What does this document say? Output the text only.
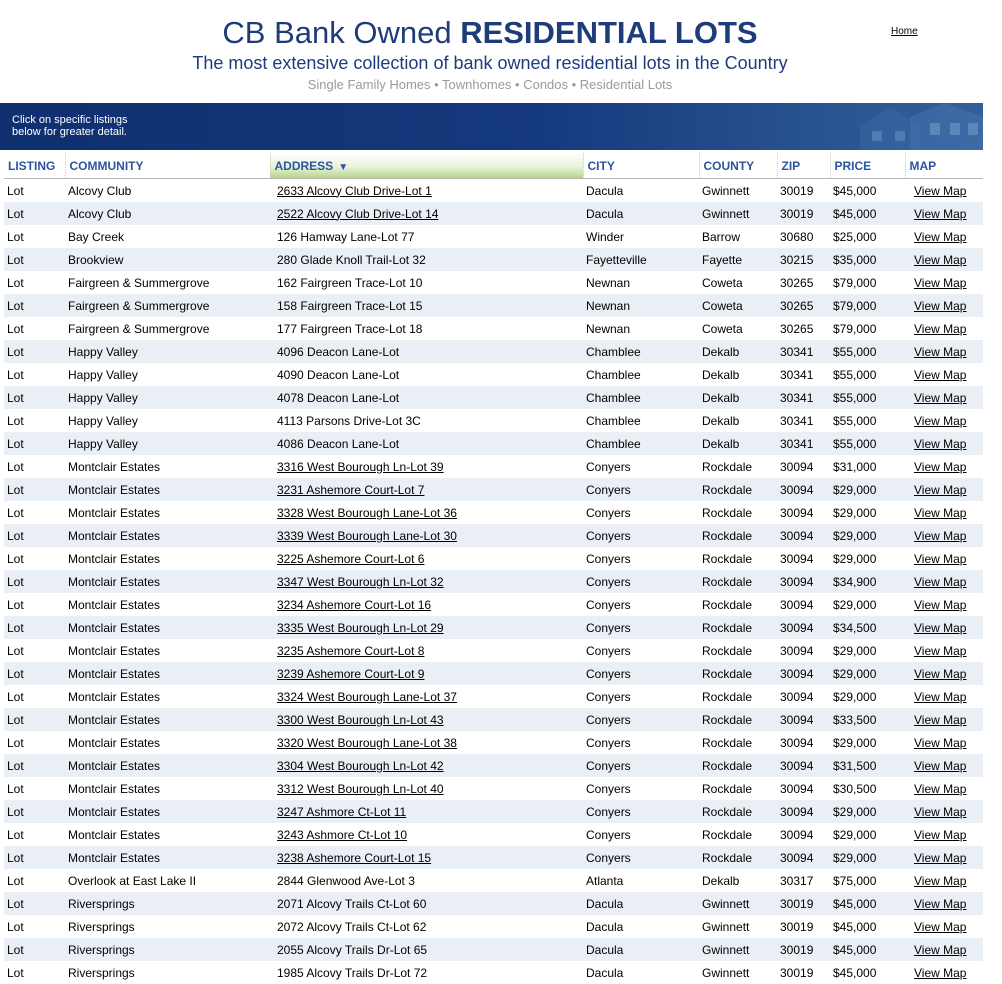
CB Bank Owned RESIDENTIAL LOTS
The most extensive collection of bank owned residential lots in the Country
Single Family Homes • Townhomes • Condos • Residential Lots
Home
Click on specific listings below for greater detail.
LISTING	COMMUNITY	ADDRESS ▼	CITY	COUNTY	ZIP	PRICE	MAP
Lot	Alcovy Club	2633 Alcovy Club Drive-Lot 1	Dacula	Gwinnett	30019	$45,000	View Map
Lot	Alcovy Club	2522 Alcovy Club Drive-Lot 14	Dacula	Gwinnett	30019	$45,000	View Map
Lot	Bay Creek	126 Hamway Lane-Lot 77	Winder	Barrow	30680	$25,000	View Map
Lot	Brookview	280 Glade Knoll Trail-Lot 32	Fayetteville	Fayette	30215	$35,000	View Map
Lot	Fairgreen & Summergrove	162 Fairgreen Trace-Lot 10	Newnan	Coweta	30265	$79,000	View Map
Lot	Fairgreen & Summergrove	158 Fairgreen Trace-Lot 15	Newnan	Coweta	30265	$79,000	View Map
Lot	Fairgreen & Summergrove	177 Fairgreen Trace-Lot 18	Newnan	Coweta	30265	$79,000	View Map
Lot	Happy Valley	4096 Deacon Lane-Lot	Chamblee	Dekalb	30341	$55,000	View Map
Lot	Happy Valley	4090 Deacon Lane-Lot	Chamblee	Dekalb	30341	$55,000	View Map
Lot	Happy Valley	4078 Deacon Lane-Lot	Chamblee	Dekalb	30341	$55,000	View Map
Lot	Happy Valley	4113 Parsons Drive-Lot 3C	Chamblee	Dekalb	30341	$55,000	View Map
Lot	Happy Valley	4086 Deacon Lane-Lot	Chamblee	Dekalb	30341	$55,000	View Map
Lot	Montclair Estates	3316 West Bourough Ln-Lot 39	Conyers	Rockdale	30094	$31,000	View Map
Lot	Montclair Estates	3231 Ashemore Court-Lot 7	Conyers	Rockdale	30094	$29,000	View Map
Lot	Montclair Estates	3328 West Bourough Lane-Lot 36	Conyers	Rockdale	30094	$29,000	View Map
Lot	Montclair Estates	3339 West Bourough Lane-Lot 30	Conyers	Rockdale	30094	$29,000	View Map
Lot	Montclair Estates	3225 Ashemore Court-Lot 6	Conyers	Rockdale	30094	$29,000	View Map
Lot	Montclair Estates	3347 West Bourough Ln-Lot 32	Conyers	Rockdale	30094	$34,900	View Map
Lot	Montclair Estates	3234 Ashemore Court-Lot 16	Conyers	Rockdale	30094	$29,000	View Map
Lot	Montclair Estates	3335 West Bourough Ln-Lot 29	Conyers	Rockdale	30094	$34,500	View Map
Lot	Montclair Estates	3235 Ashemore Court-Lot 8	Conyers	Rockdale	30094	$29,000	View Map
Lot	Montclair Estates	3239 Ashemore Court-Lot 9	Conyers	Rockdale	30094	$29,000	View Map
Lot	Montclair Estates	3324 West Bourough Lane-Lot 37	Conyers	Rockdale	30094	$29,000	View Map
Lot	Montclair Estates	3300 West Bourough Ln-Lot 43	Conyers	Rockdale	30094	$33,500	View Map
Lot	Montclair Estates	3320 West Bourough Lane-Lot 38	Conyers	Rockdale	30094	$29,000	View Map
Lot	Montclair Estates	3304 West Bourough Ln-Lot 42	Conyers	Rockdale	30094	$31,500	View Map
Lot	Montclair Estates	3312 West Bourough Ln-Lot 40	Conyers	Rockdale	30094	$30,500	View Map
Lot	Montclair Estates	3247 Ashmore Ct-Lot 11	Conyers	Rockdale	30094	$29,000	View Map
Lot	Montclair Estates	3243 Ashmore Ct-Lot 10	Conyers	Rockdale	30094	$29,000	View Map
Lot	Montclair Estates	3238 Ashemore Court-Lot 15	Conyers	Rockdale	30094	$29,000	View Map
Lot	Overlook at East Lake II	2844 Glenwood Ave-Lot 3	Atlanta	Dekalb	30317	$75,000	View Map
Lot	Riversprings	2071 Alcovy Trails Ct-Lot 60	Dacula	Gwinnett	30019	$45,000	View Map
Lot	Riversprings	2072 Alcovy Trails Ct-Lot 62	Dacula	Gwinnett	30019	$45,000	View Map
Lot	Riversprings	2055 Alcovy Trails Dr-Lot 65	Dacula	Gwinnett	30019	$45,000	View Map
Lot	Riversprings	1985 Alcovy Trails Dr-Lot 72	Dacula	Gwinnett	30019	$45,000	View Map
